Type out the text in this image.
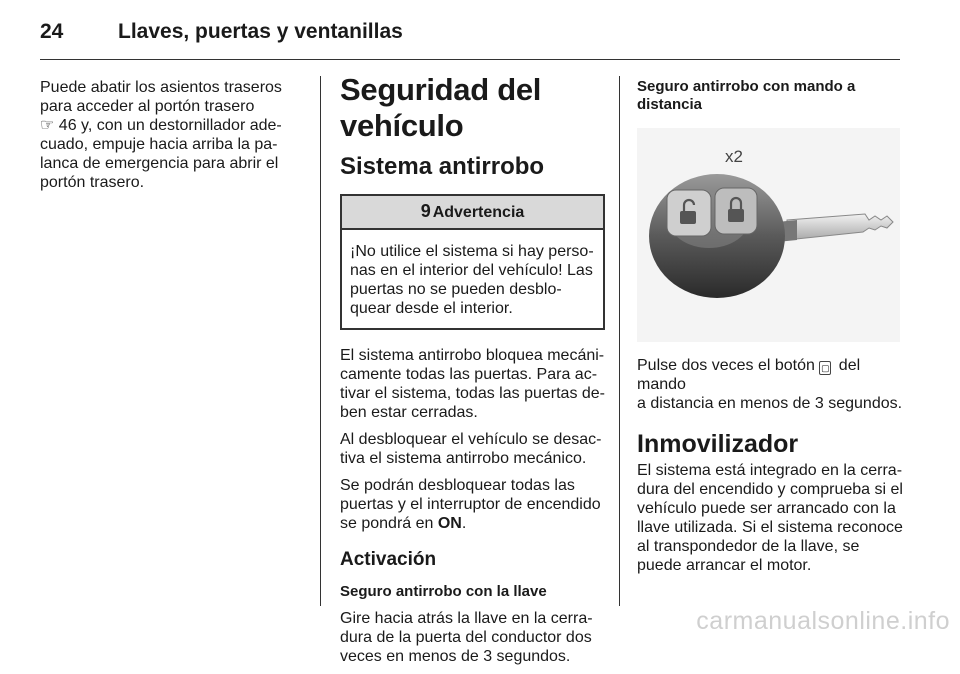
24	Llaves, puertas y ventanillas

Puede abatir los asientos traseros
para acceder al portón trasero
☞ 46 y, con un destornillador ade-
cuado, empuje hacia arriba la pa-
lanca de emergencia para abrir el
portón trasero.

Seguridad del vehículo
Sistema antirrobo
9 Advertencia
¡No utilice el sistema si hay perso-
nas en el interior del vehículo! Las
puertas no se pueden desblo-
quear desde el interior.

El sistema antirrobo bloquea mecáni-
camente todas las puertas. Para ac-
tivar el sistema, todas las puertas de-
ben estar cerradas.

Al desbloquear el vehículo se desac-
tiva el sistema antirrobo mecánico.

Se podrán desbloquear todas las
puertas y el interruptor de encendido
se pondrá en ON.

Activación

Seguro antirrobo con la llave

Gire hacia atrás la llave en la cerra-
dura de la puerta del conductor dos
veces en menos de 3 segundos.

Seguro antirrobo con mando a
distancia

x2

Pulse dos veces el botón ▢ del mando
a distancia en menos de 3 segundos.

Inmovilizador

El sistema está integrado en la cerra-
dura del encendido y comprueba si el
vehículo puede ser arrancado con la
llave utilizada. Si el sistema reconoce
al transpondedor de la llave, se
puede arrancar el motor.

carmanualsonline.info
